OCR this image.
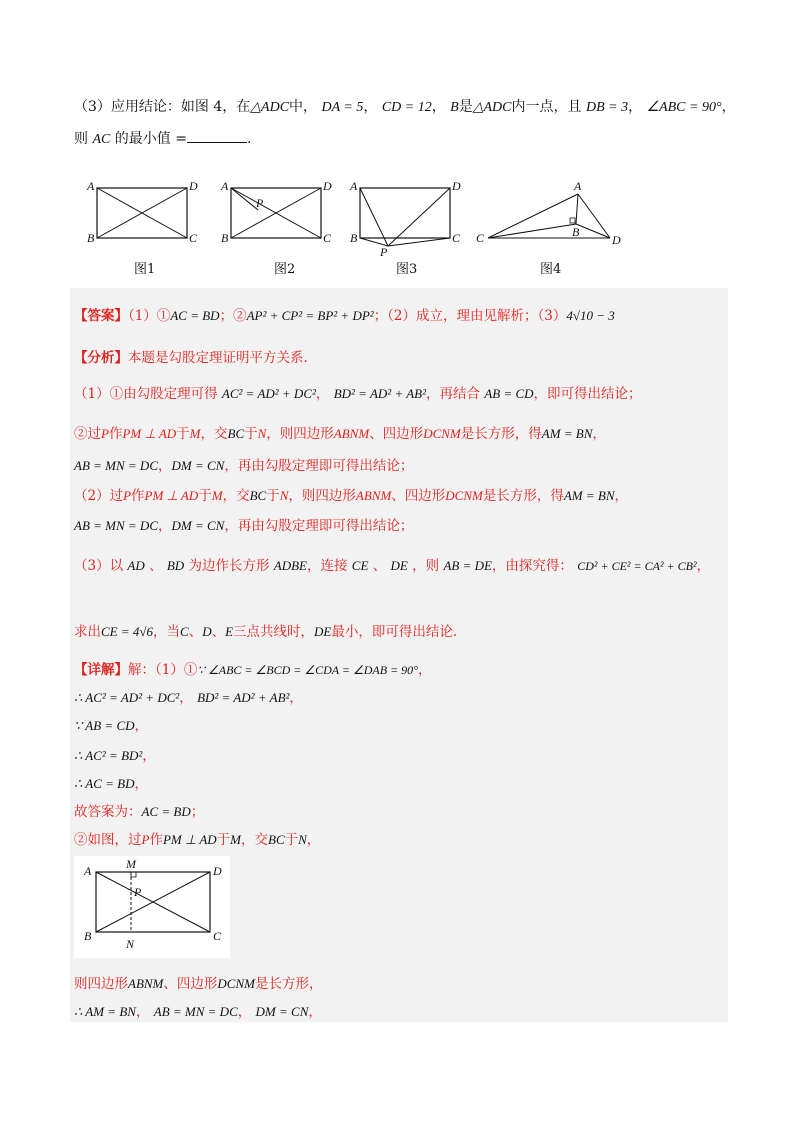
（3）应用结论：如图 4，在△ADC中， DA = 5， CD = 12， B是△ADC内一点，且 DB = 3， ∠ABC = 90°，
则 AC 的最小值 =	.
A	D
B	C
图1
A	D
B	C
P
图2
A	D
B	C
P
图3
A
C	B
D
图4
【答案】（1）①AC = BD；②AP² + CP² = BP² + DP²；（2）成立，理由见解析；（3）4√10 − 3
【分析】本题是勾股定理证明平方关系.
（1）①由勾股定理可得 AC² = AD² + DC²， BD² = AD² + AB²，再结合 AB = CD，即可得出结论；
②过P作PM ⊥ AD于M，交BC于N，则四边形ABNM、四边形DCNM是长方形，得AM = BN，
AB = MN = DC，DM = CN，再由勾股定理即可得出结论；
（2）过P作PM ⊥ AD于M，交BC于N，则四边形ABNM、四边形DCNM是长方形，得AM = BN，
AB = MN = DC，DM = CN，再由勾股定理即可得出结论；
（3）以 AD 、 BD 为边作长方形 ADBE，连接 CE 、 DE ，则 AB = DE，由探究得： CD² + CE² = CA² + CB²，
求出CE = 4√6，当C、D、E三点共线时，DE最小，即可得出结论.
【详解】解：（1）①∵ ∠ABC = ∠BCD = ∠CDA = ∠DAB = 90°，
∴ AC² = AD² + DC²， BD² = AD² + AB²，
∵ AB = CD，
∴ AC² = BD²，
∴ AC = BD，
故答案为：AC = BD；
②如图，过P作PM ⊥ AD于M，交BC于N，
A	D
B	C
M
P
N
则四边形ABNM、四边形DCNM是长方形，
∴ AM = BN， AB = MN = DC， DM = CN，
